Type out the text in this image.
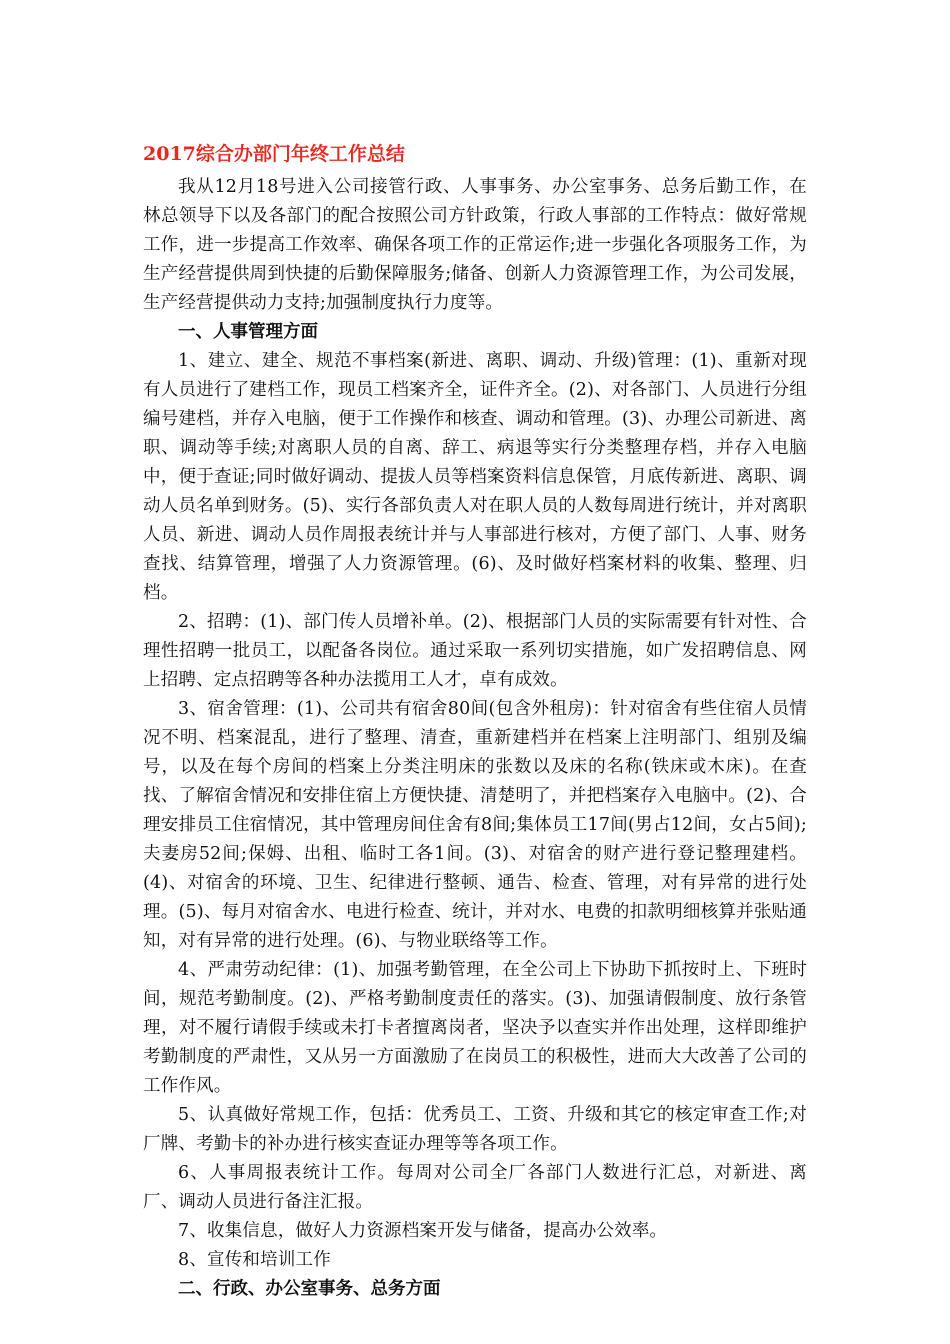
2017综合办部门年终工作总结

我从12月18号进入公司接管行政、人事事务、办公室事务、总务后勤工作，在林总领导下以及各部门的配合按照公司方针政策，行政人事部的工作特点：做好常规工作，进一步提高工作效率、确保各项工作的正常运作;进一步强化各项服务工作，为生产经营提供周到快捷的后勤保障服务;储备、创新人力资源管理工作，为公司发展，生产经营提供动力支持;加强制度执行力度等。

一、人事管理方面

1、建立、建全、规范不事档案(新进、离职、调动、升级)管理：(1)、重新对现有人员进行了建档工作，现员工档案齐全，证件齐全。(2)、对各部门、人员进行分组编号建档，并存入电脑，便于工作操作和核查、调动和管理。(3)、办理公司新进、离职、调动等手续;对离职人员的自离、辞工、病退等实行分类整理存档，并存入电脑中，便于查证;同时做好调动、提拔人员等档案资料信息保管，月底传新进、离职、调动人员名单到财务。(5)、实行各部负责人对在职人员的人数每周进行统计，并对离职人员、新进、调动人员作周报表统计并与人事部进行核对，方便了部门、人事、财务查找、结算管理，增强了人力资源管理。(6)、及时做好档案材料的收集、整理、归档。

2、招聘：(1)、部门传人员增补单。(2)、根据部门人员的实际需要有针对性、合理性招聘一批员工，以配备各岗位。通过采取一系列切实措施，如广发招聘信息、网上招聘、定点招聘等各种办法揽用工人才，卓有成效。

3、宿舍管理：(1)、公司共有宿舍80间(包含外租房)：针对宿舍有些住宿人员情况不明、档案混乱，进行了整理、清查，重新建档并在档案上注明部门、组别及编号，以及在每个房间的档案上分类注明床的张数以及床的名称(铁床或木床)。在查找、了解宿舍情况和安排住宿上方便快捷、清楚明了，并把档案存入电脑中。(2)、合理安排员工住宿情况，其中管理房间住舍有8间;集体员工17间(男占12间，女占5间);夫妻房52间;保姆、出租、临时工各1间。(3)、对宿舍的财产进行登记整理建档。(4)、对宿舍的环境、卫生、纪律进行整顿、通告、检查、管理，对有异常的进行处理。(5)、每月对宿舍水、电进行检查、统计，并对水、电费的扣款明细核算并张贴通知，对有异常的进行处理。(6)、与物业联络等工作。

4、严肃劳动纪律：(1)、加强考勤管理，在全公司上下协助下抓按时上、下班时间，规范考勤制度。(2)、严格考勤制度责任的落实。(3)、加强请假制度、放行条管理，对不履行请假手续或未打卡者擅离岗者，坚决予以查实并作出处理，这样即维护考勤制度的严肃性，又从另一方面激励了在岗员工的积极性，进而大大改善了公司的工作作风。

5、认真做好常规工作，包括：优秀员工、工资、升级和其它的核定审查工作;对厂牌、考勤卡的补办进行核实查证办理等等各项工作。

6、人事周报表统计工作。每周对公司全厂各部门人数进行汇总，对新进、离厂、调动人员进行备注汇报。

7、收集信息，做好人力资源档案开发与储备，提高办公效率。

8、宣传和培训工作

二、行政、办公室事务、总务方面
